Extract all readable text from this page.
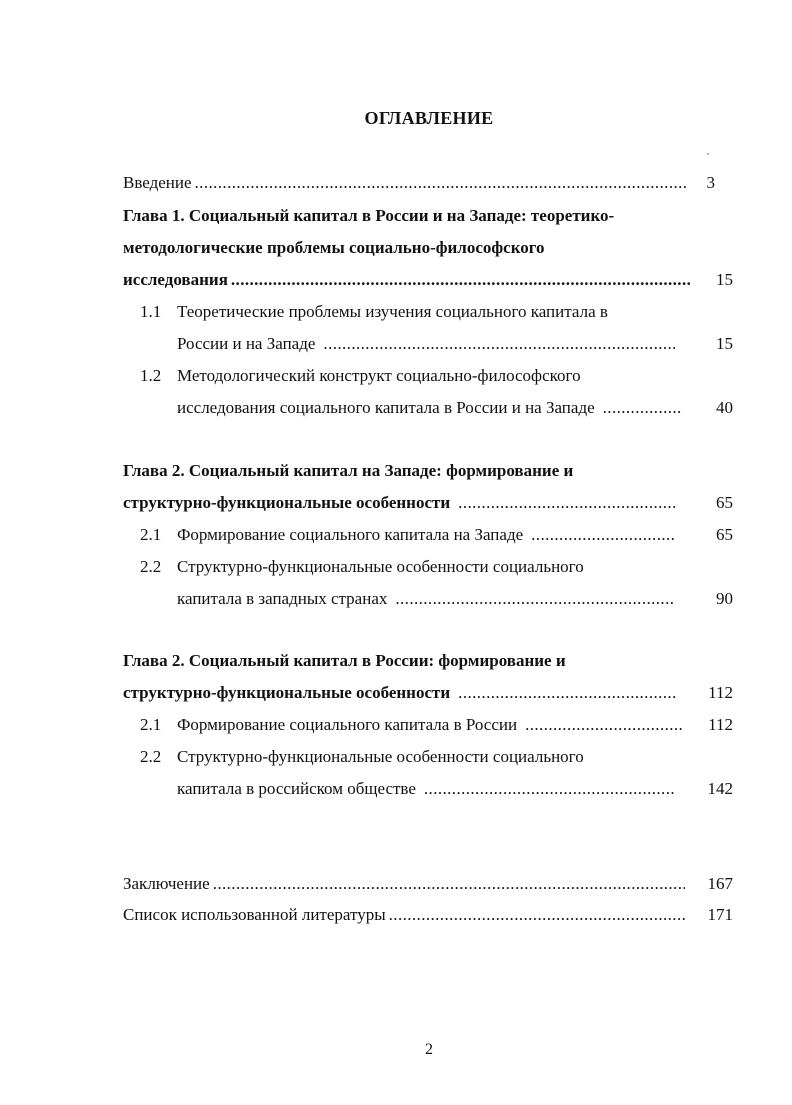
ОГЛАВЛЕНИЕ
Введение .....	3
Глава 1. Социальный капитал в России и на Западе: теоретико-
методологические проблемы социально-философского
исследования .....	15
1.1 Теоретические проблемы изучения социального капитала в
России и на Западе .....	15
1.2 Методологический конструкт социально-философского
исследования социального капитала в России и на Западе .....	40
Глава 2. Социальный капитал на Западе: формирование и
структурно-функциональные особенности .....	65
2.1 Формирование социального капитала на Западе .....	65
2.2 Структурно-функциональные особенности социального
капитала в западных странах .....	90
Глава 2. Социальный капитал в России: формирование и
структурно-функциональные особенности .....	112
2.1 Формирование социального капитала в России .....	112
2.2 Структурно-функциональные особенности социального
капитала в российском обществе .....	142
Заключение .....	167
Список использованной литературы .....	171
2
